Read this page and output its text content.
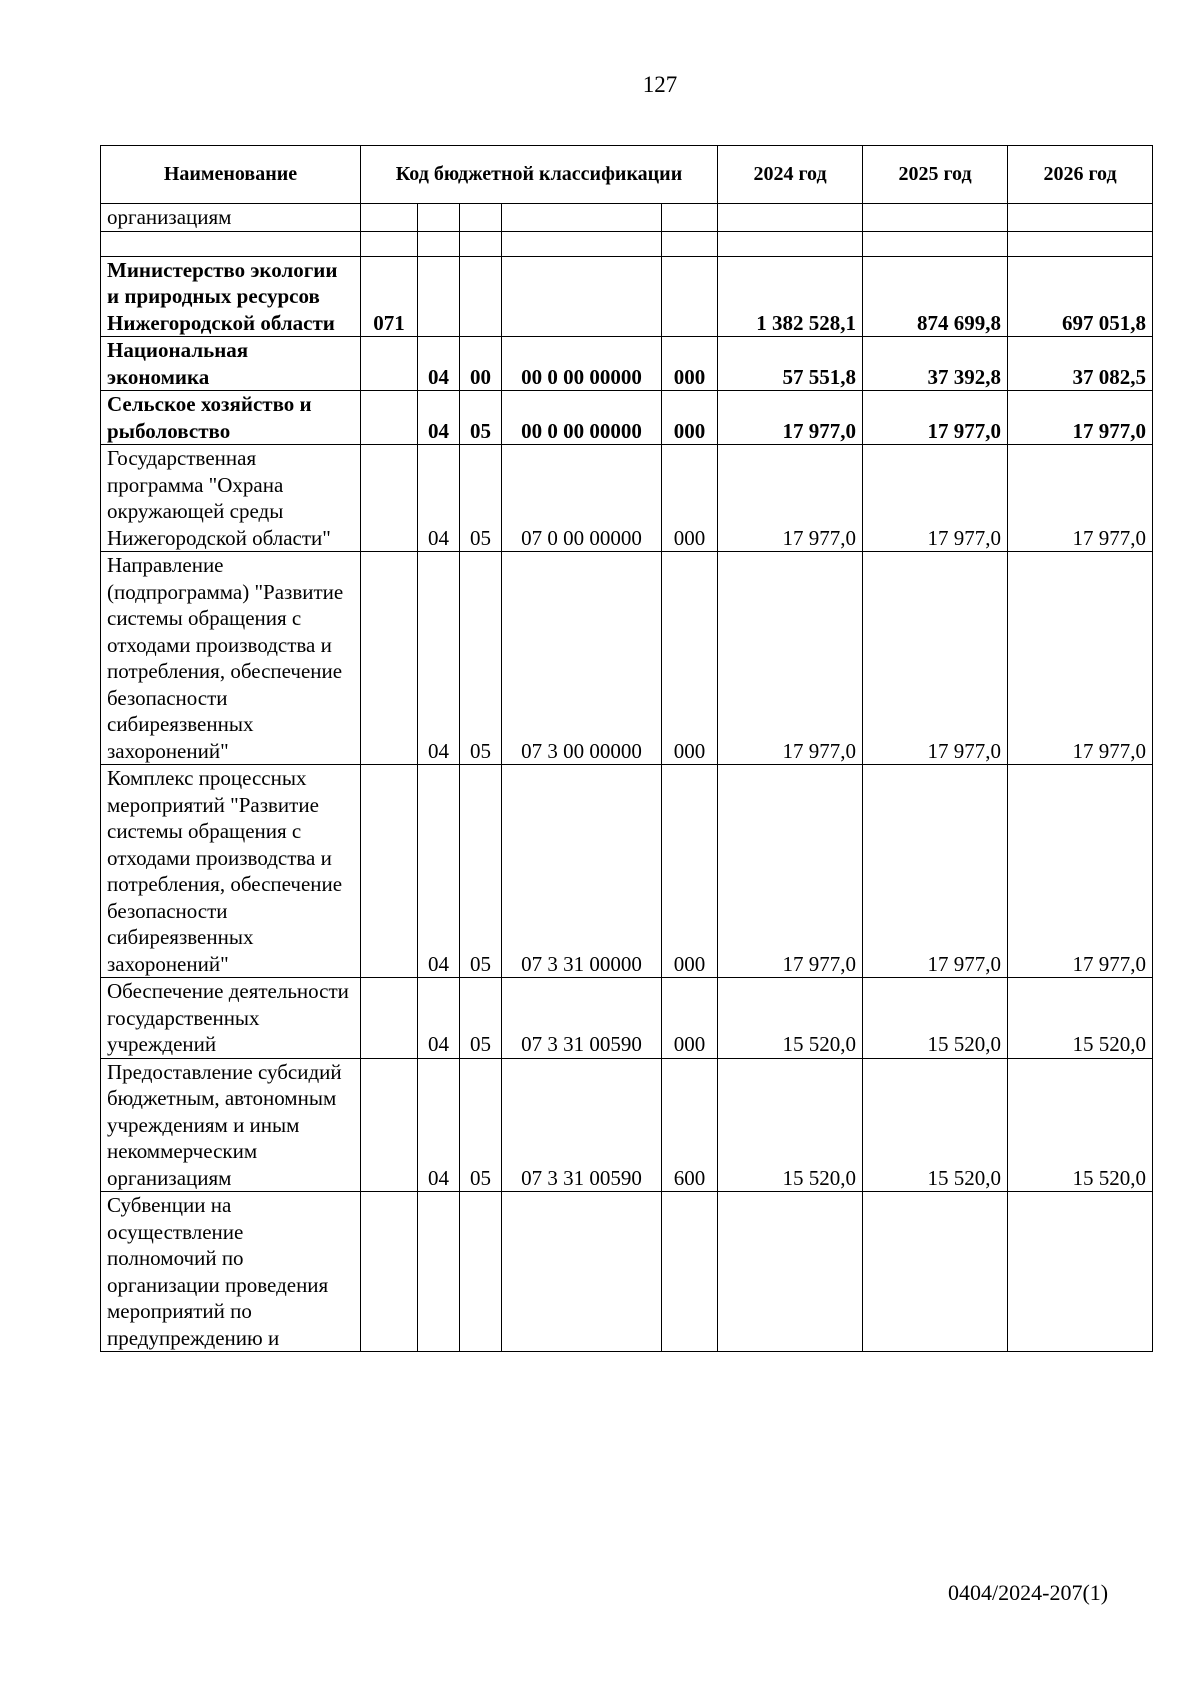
127
Наименование	Код бюджетной классификации					2024 год	2025 год	2026 год
организациям								

Министерство экологии и природных ресурсов Нижегородской области	071					1 382 528,1	874 699,8	697 051,8
Национальная экономика		04	00	00 0 00 00000	000	57 551,8	37 392,8	37 082,5
Сельское хозяйство и рыболовство		04	05	00 0 00 00000	000	17 977,0	17 977,0	17 977,0
Государственная программа "Охрана окружающей среды Нижегородской области"		04	05	07 0 00 00000	000	17 977,0	17 977,0	17 977,0
Направление (подпрограмма) "Развитие системы обращения с отходами производства и потребления, обеспечение безопасности сибиреязвенных захоронений"		04	05	07 3 00 00000	000	17 977,0	17 977,0	17 977,0
Комплекс процессных мероприятий "Развитие системы обращения с отходами производства и потребления, обеспечение безопасности сибиреязвенных захоронений"		04	05	07 3 31 00000	000	17 977,0	17 977,0	17 977,0
Обеспечение деятельности государственных учреждений		04	05	07 3 31 00590	000	15 520,0	15 520,0	15 520,0
Предоставление субсидий бюджетным, автономным учреждениям и иным некоммерческим организациям		04	05	07 3 31 00590	600	15 520,0	15 520,0	15 520,0
Субвенции на осуществление полномочий по организации проведения мероприятий по предупреждению и								
0404/2024-207(1)
